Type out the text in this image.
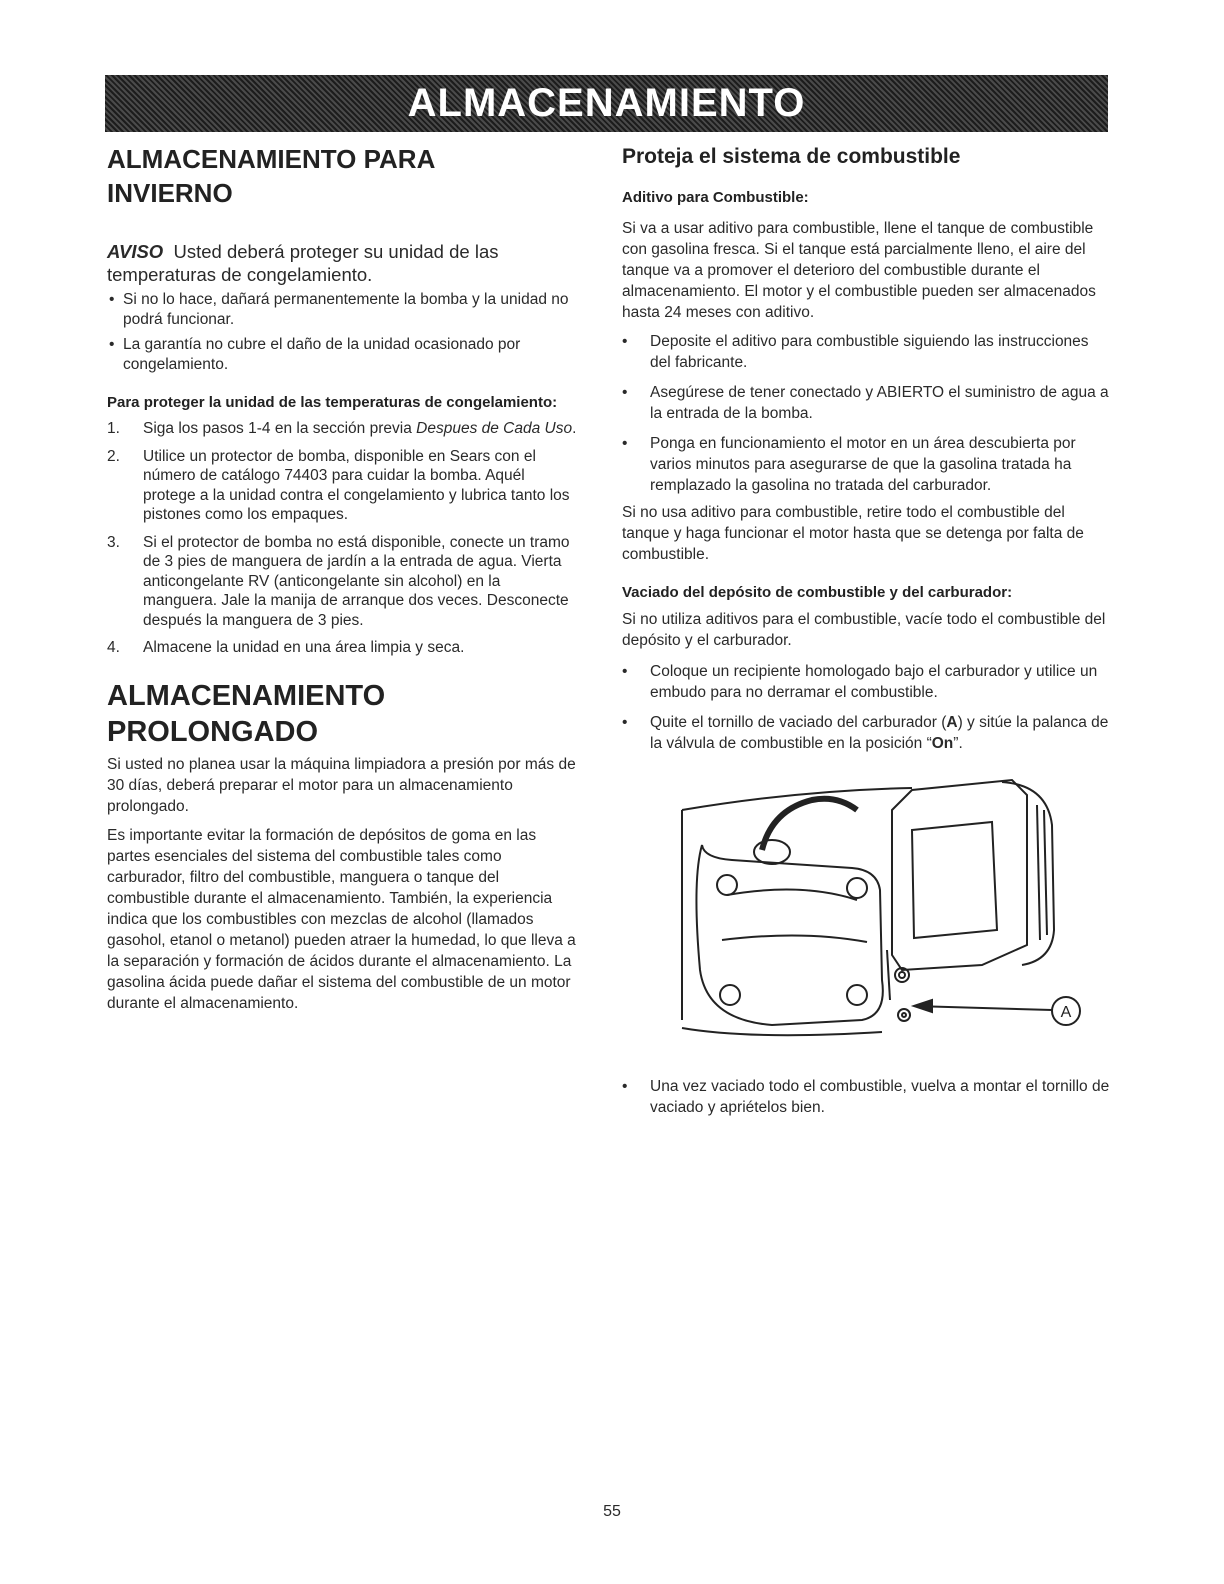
ALMACENAMIENTO
ALMACENAMIENTO PARA INVIERNO

AVISO Usted deberá proteger su unidad de las temperaturas de congelamiento.

• Si no lo hace, dañará permanentemente la bomba y la unidad no podrá funcionar.
• La garantía no cubre el daño de la unidad ocasionado por congelamiento.
Para proteger la unidad de las temperaturas de congelamiento:
1. Siga los pasos 1-4 en la sección previa Despues de Cada Uso.
2. Utilice un protector de bomba, disponible en Sears con el número de catálogo 74403 para cuidar la bomba. Aquél protege a la unidad contra el congelamiento y lubrica tanto los pistones como los empaques.
3. Si el protector de bomba no está disponible, conecte un tramo de 3 pies de manguera de jardín a la entrada de agua. Vierta anticongelante RV (anticongelante sin alcohol) en la manguera. Jale la manija de arranque dos veces. Desconecte después la manguera de 3 pies.
4. Almacene la unidad en una área limpia y seca.
ALMACENAMIENTO PROLONGADO

Si usted no planea usar la máquina limpiadora a presión por más de 30 días, deberá preparar el motor para un almacenamiento prolongado.

Es importante evitar la formación de depósitos de goma en las partes esenciales del sistema del combustible tales como carburador, filtro del combustible, manguera o tanque del combustible durante el almacenamiento. También, la experiencia indica que los combustibles con mezclas de alcohol (llamados gasohol, etanol o metanol) pueden atraer la humedad, lo que lleva a la separación y formación de ácidos durante el almacenamiento. La gasolina ácida puede dañar el sistema del combustible de un motor durante el almacenamiento.

Proteja el sistema de combustible
Aditivo para Combustible:

Si va a usar aditivo para combustible, llene el tanque de combustible con gasolina fresca. Si el tanque está parcialmente lleno, el aire del tanque va a promover el deterioro del combustible durante el almacenamiento. El motor y el combustible pueden ser almacenados hasta 24 meses con aditivo.

• Deposite el aditivo para combustible siguiendo las instrucciones del fabricante.
• Asegúrese de tener conectado y ABIERTO el suministro de agua a la entrada de la bomba.
• Ponga en funcionamiento el motor en un área descubierta por varios minutos para asegurarse de que la gasolina tratada ha remplazado la gasolina no tratada del carburador.

Si no usa aditivo para combustible, retire todo el combustible del tanque y haga funcionar el motor hasta que se detenga por falta de combustible.

Vaciado del depósito de combustible y del carburador:

Si no utiliza aditivos para el combustible, vacíe todo el combustible del depósito y el carburador.

• Coloque un recipiente homologado bajo el carburador y utilice un embudo para no derramar el combustible.
• Quite el tornillo de vaciado del carburador (A) y sitúe la palanca de la válvula de combustible en la posición “On”.
A
• Una vez vaciado todo el combustible, vuelva a montar el tornillo de vaciado y apriételos bien.
55
